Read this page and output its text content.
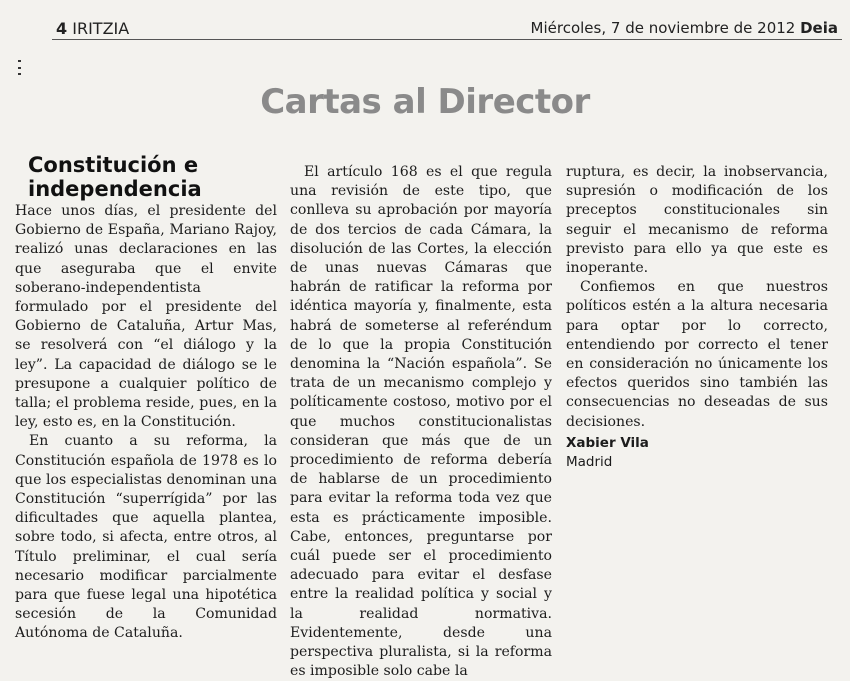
4 IRITZIA	Miércoles, 7 de noviembre de 2012 Deia
Cartas al Director
Constitución e independencia

Hace unos días, el presidente del Gobierno de España, Mariano Rajoy, realizó unas declaraciones en las que aseguraba que el envite soberano-independentista formulado por el presidente del Gobierno de Cataluña, Artur Mas, se resolverá con “el diálogo y la ley”. La capacidad de diálogo se le presupone a cualquier político de talla; el problema reside, pues, en la ley, esto es, en la Constitución.

En cuanto a su reforma, la Constitución española de 1978 es lo que los especialistas denominan una Constitución “superrígida” por las dificultades que aquella plantea, sobre todo, si afecta, entre otros, al Título preliminar, el cual sería necesario modificar parcialmente para que fuese legal una hipotética secesión de la Comunidad Autónoma de Cataluña.

El artículo 168 es el que regula una revisión de este tipo, que conlleva su aprobación por mayoría de dos tercios de cada Cámara, la disolución de las Cortes, la elección de unas nuevas Cámaras que habrán de ratificar la reforma por idéntica mayoría y, finalmente, esta habrá de someterse al referéndum de lo que la propia Constitución denomina la “Nación española”. Se trata de un mecanismo complejo y políticamente costoso, motivo por el que muchos constitucionalistas consideran que más que de un procedimiento de reforma debería de hablarse de un procedimiento para evitar la reforma toda vez que esta es prácticamente imposible. Cabe, entonces, preguntarse por cuál puede ser el procedimiento adecuado para evitar el desfase entre la realidad política y social y la realidad normativa. Evidentemente, desde una perspectiva pluralista, si la reforma es imposible solo cabe la

ruptura, es decir, la inobservancia, supresión o modificación de los preceptos constitucionales sin seguir el mecanismo de reforma previsto para ello ya que este es inoperante.

Confiemos en que nuestros políticos estén a la altura necesaria para optar por lo correcto, entendiendo por correcto el tener en consideración no únicamente los efectos queridos sino también las consecuencias no deseadas de sus decisiones.

Xabier Vila
Madrid
